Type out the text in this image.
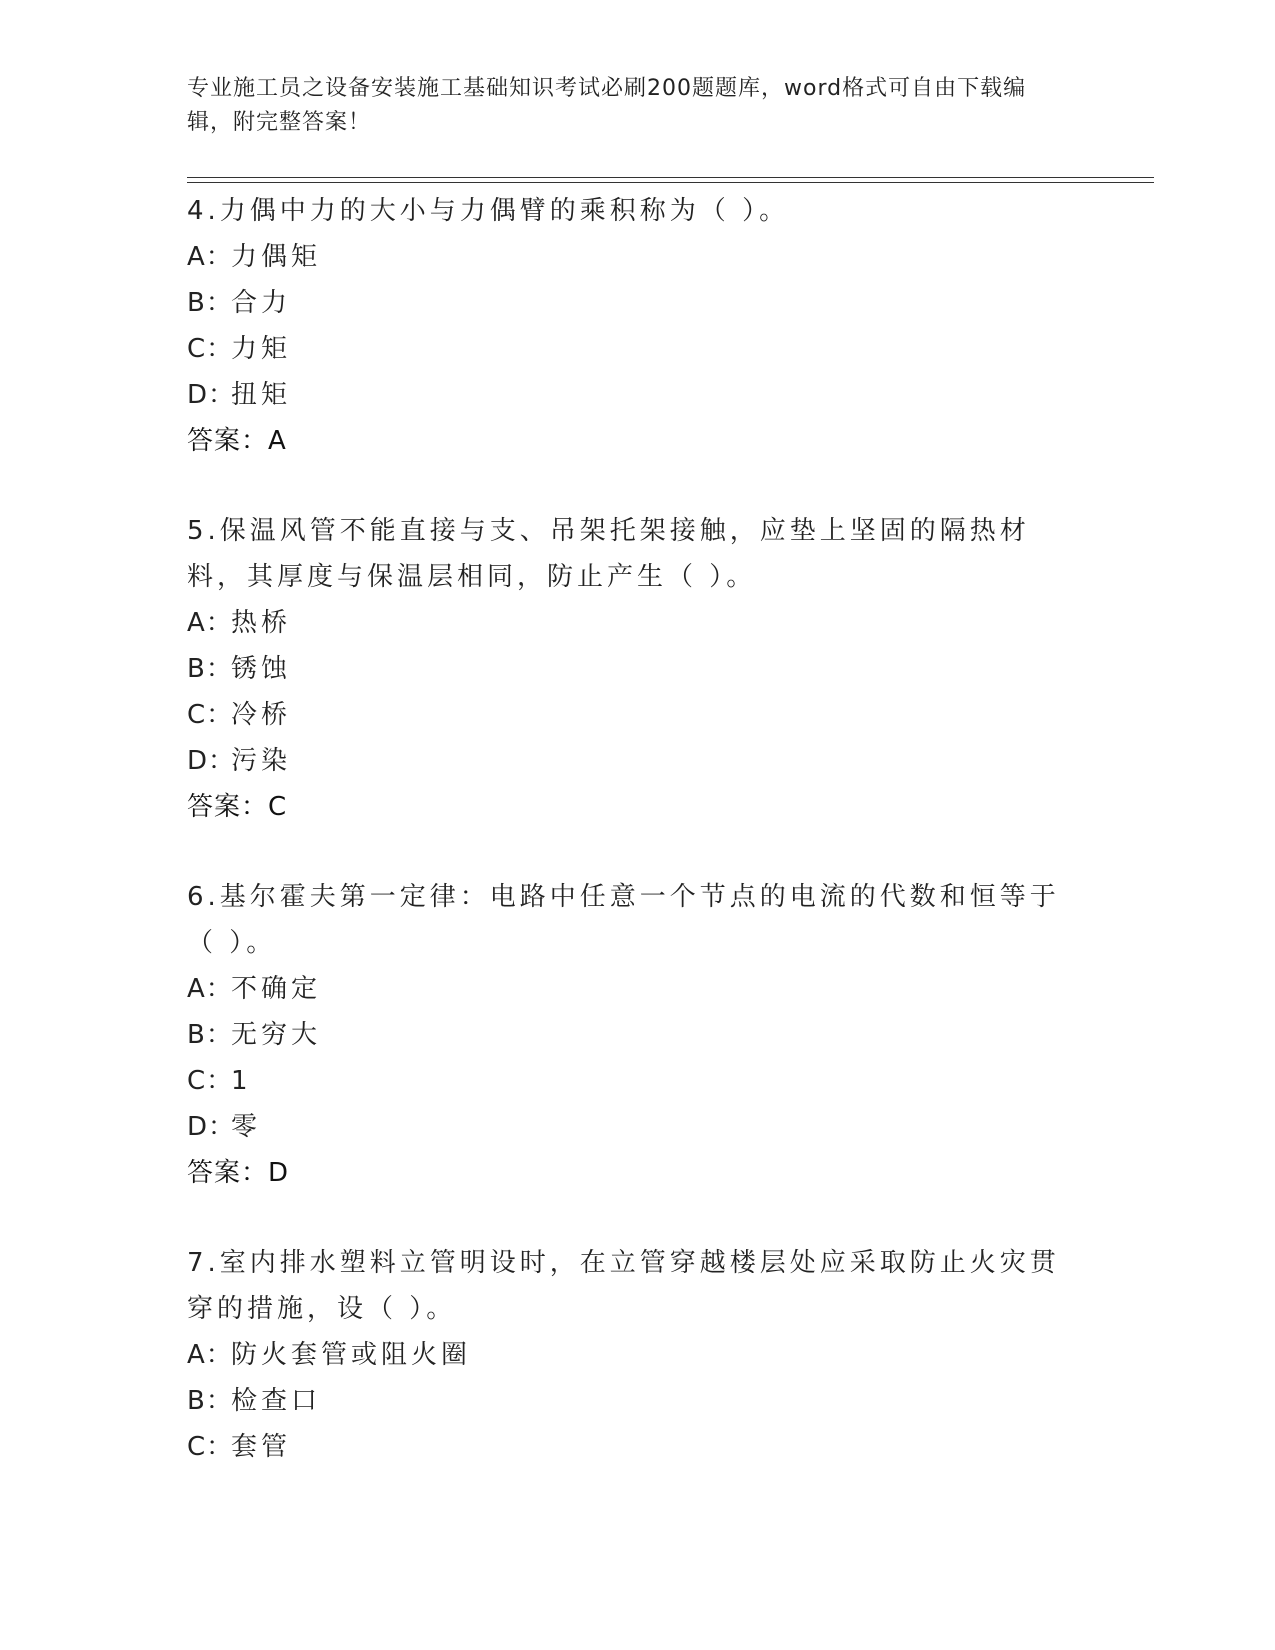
专业施工员之设备安装施工基础知识考试必刷200题题库，word格式可自由下载编辑，附完整答案！

4.力偶中力的大小与力偶臂的乘积称为（ ）。

A：力偶矩

B：合力

C：力矩

D：扭矩

答案：A

5.保温风管不能直接与支、吊架托架接触，应垫上坚固的隔热材料，其厚度与保温层相同，防止产生（ ）。

A：热桥

B：锈蚀

C：冷桥

D：污染

答案：C

6.基尔霍夫第一定律：电路中任意一个节点的电流的代数和恒等于（ ）。

A：不确定

B：无穷大

C：1

D：零

答案：D

7.室内排水塑料立管明设时，在立管穿越楼层处应采取防止火灾贯穿的措施，设（ ）。

A：防火套管或阻火圈

B：检查口

C：套管
